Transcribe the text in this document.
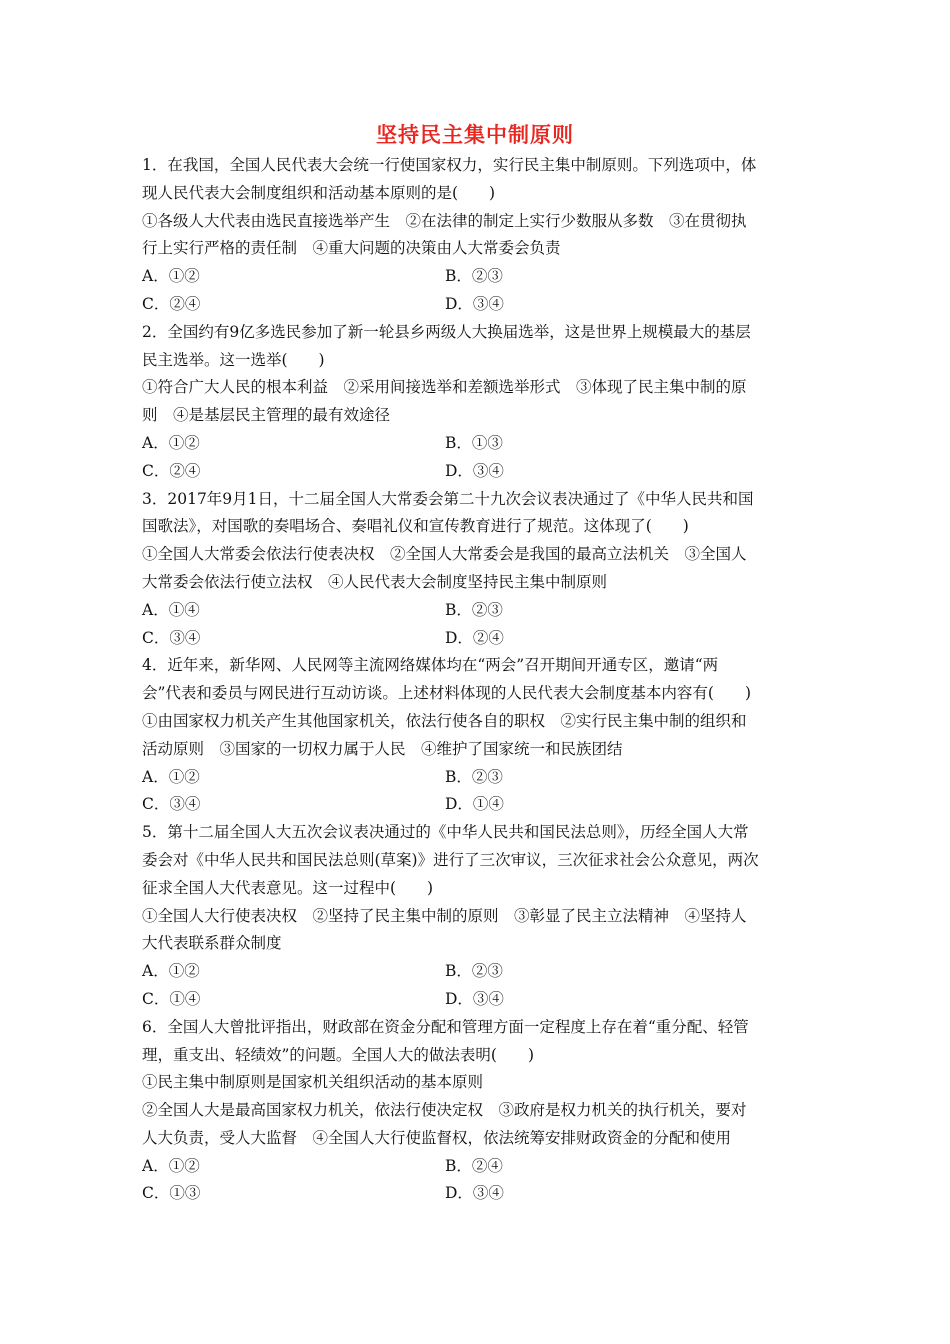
坚持民主集中制原则
1．在我国，全国人民代表大会统一行使国家权力，实行民主集中制原则。下列选项中，体
现人民代表大会制度组织和活动基本原则的是(　　)
①各级人大代表由选民直接选举产生　②在法律的制定上实行少数服从多数　③在贯彻执
行上实行严格的责任制　④重大问题的决策由人大常委会负责
A．①②	B．②③
C．②④	D．③④
2．全国约有9亿多选民参加了新一轮县乡两级人大换届选举，这是世界上规模最大的基层
民主选举。这一选举(　　)
①符合广大人民的根本利益　②采用间接选举和差额选举形式　③体现了民主集中制的原
则　④是基层民主管理的最有效途径
A．①②	B．①③
C．②④	D．③④
3．2017年9月1日，十二届全国人大常委会第二十九次会议表决通过了《中华人民共和国
国歌法》，对国歌的奏唱场合、奏唱礼仪和宣传教育进行了规范。这体现了(　　)
①全国人大常委会依法行使表决权　②全国人大常委会是我国的最高立法机关　③全国人
大常委会依法行使立法权　④人民代表大会制度坚持民主集中制原则
A．①④	B．②③
C．③④	D．②④
4．近年来，新华网、人民网等主流网络媒体均在“两会”召开期间开通专区，邀请“两
会”代表和委员与网民进行互动访谈。上述材料体现的人民代表大会制度基本内容有(　　)
①由国家权力机关产生其他国家机关，依法行使各自的职权　②实行民主集中制的组织和
活动原则　③国家的一切权力属于人民　④维护了国家统一和民族团结
A．①②	B．②③
C．③④	D．①④
5．第十二届全国人大五次会议表决通过的《中华人民共和国民法总则》，历经全国人大常
委会对《中华人民共和国民法总则(草案)》进行了三次审议，三次征求社会公众意见，两次
征求全国人大代表意见。这一过程中(　　)
①全国人大行使表决权　②坚持了民主集中制的原则　③彰显了民主立法精神　④坚持人
大代表联系群众制度
A．①②	B．②③
C．①④	D．③④
6．全国人大曾批评指出，财政部在资金分配和管理方面一定程度上存在着“重分配、轻管
理，重支出、轻绩效”的问题。全国人大的做法表明(　　)
①民主集中制原则是国家机关组织活动的基本原则
②全国人大是最高国家权力机关，依法行使决定权　③政府是权力机关的执行机关，要对
人大负责，受人大监督　④全国人大行使监督权，依法统筹安排财政资金的分配和使用
A．①②	B．②④
C．①③	D．③④
